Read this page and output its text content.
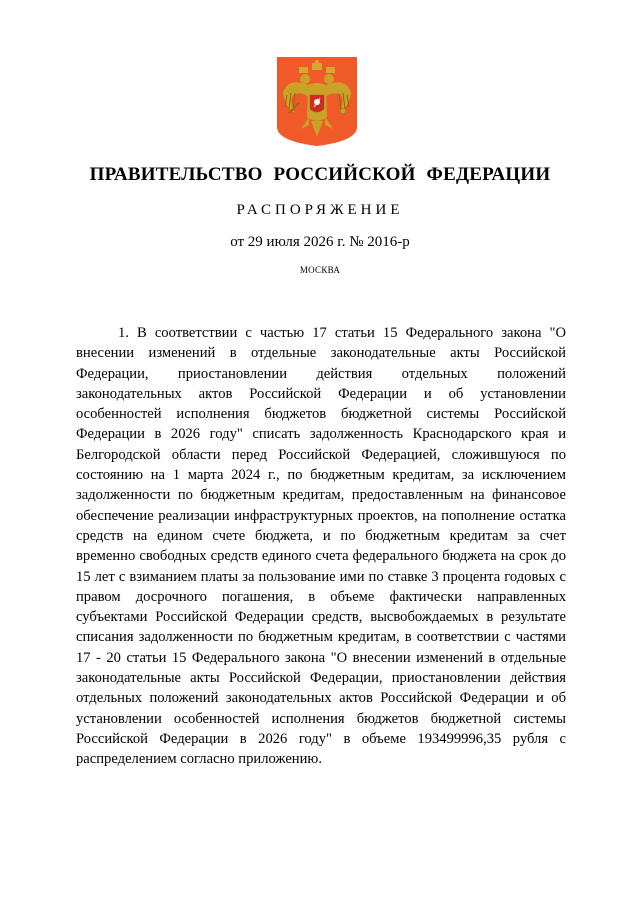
ПРАВИТЕЛЬСТВО РОССИЙСКОЙ ФЕДЕРАЦИИ
РАСПОРЯЖЕНИЕ
от 29 июля 2026 г. № 2016-р
МОСКВА

1. В соответствии с частью 17 статьи 15 Федерального закона "О внесении изменений в отдельные законодательные акты Российской Федерации, приостановлении действия отдельных положений законодательных актов Российской Федерации и об установлении особенностей исполнения бюджетов бюджетной системы Российской Федерации в 2026 году" списать задолженность Краснодарского края и Белгородской области перед Российской Федерацией, сложившуюся по состоянию на 1 марта 2024 г., по бюджетным кредитам, за исключением задолженности по бюджетным кредитам, предоставленным на финансовое обеспечение реализации инфраструктурных проектов, на пополнение остатка средств на едином счете бюджета, и по бюджетным кредитам за счет временно свободных средств единого счета федерального бюджета на срок до 15 лет с взиманием платы за пользование ими по ставке 3 процента годовых с правом досрочного погашения, в объеме фактически направленных субъектами Российской Федерации средств, высвобождаемых в результате списания задолженности по бюджетным кредитам, в соответствии с частями 17 - 20 статьи 15 Федерального закона "О внесении изменений в отдельные законодательные акты Российской Федерации, приостановлении действия отдельных положений законодательных актов Российской Федерации и об установлении особенностей исполнения бюджетов бюджетной системы Российской Федерации в 2026 году" в объеме 193499996,35 рубля с распределением согласно приложению.
